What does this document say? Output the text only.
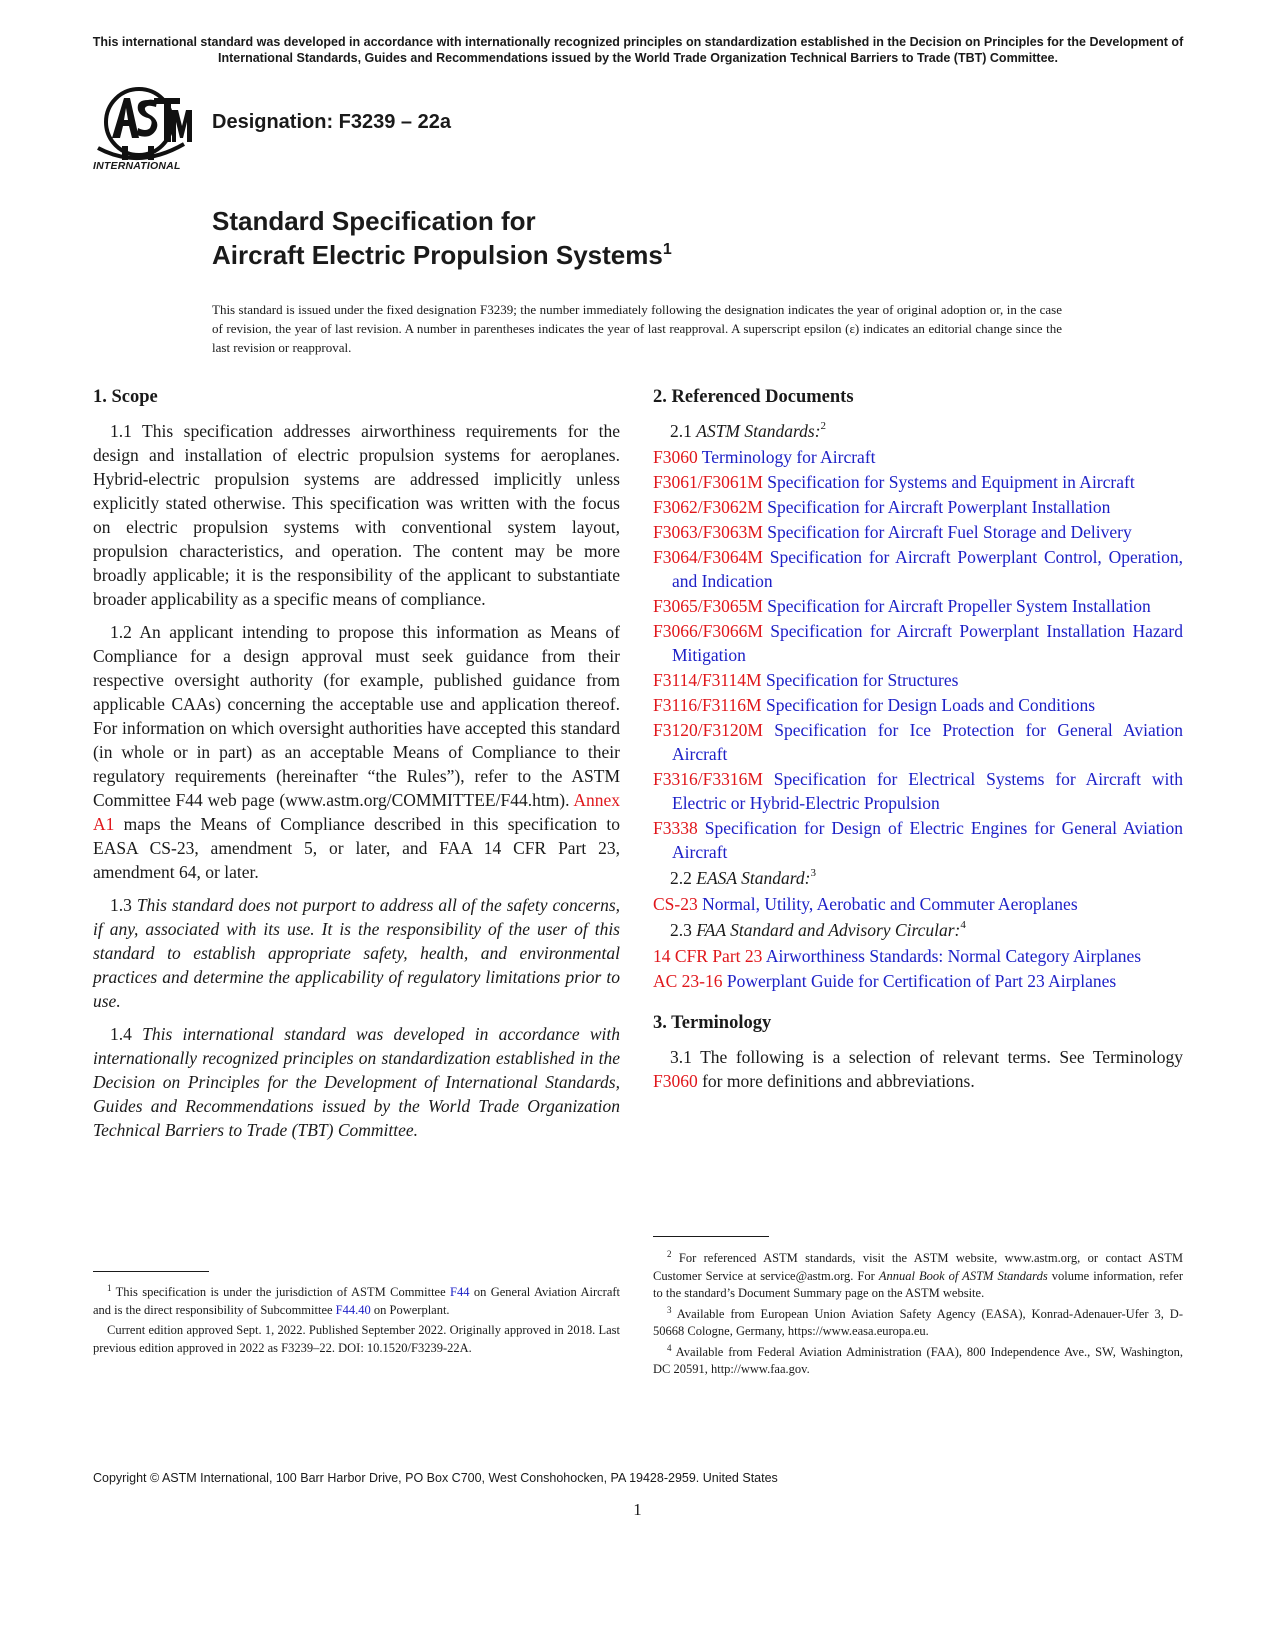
This international standard was developed in accordance with internationally recognized principles on standardization established in the Decision on Principles for the Development of International Standards, Guides and Recommendations issued by the World Trade Organization Technical Barriers to Trade (TBT) Committee.
INTERNATIONAL
Designation: F3239 – 22a
Standard Specification for
Aircraft Electric Propulsion Systems$^1$
This standard is issued under the fixed designation F3239; the number immediately following the designation indicates the year of original adoption or, in the case of revision, the year of last revision. A number in parentheses indicates the year of last reapproval. A superscript epsilon (ε) indicates an editorial change since the last revision or reapproval.
1. Scope

1.1 This specification addresses airworthiness requirements for the design and installation of electric propulsion systems for aeroplanes. Hybrid-electric propulsion systems are addressed implicitly unless explicitly stated otherwise. This specification was written with the focus on electric propulsion systems with conventional system layout, propulsion characteristics, and operation. The content may be more broadly applicable; it is the responsibility of the applicant to substantiate broader applicability as a specific means of compliance.

1.2 An applicant intending to propose this information as Means of Compliance for a design approval must seek guidance from their respective oversight authority (for example, published guidance from applicable CAAs) concerning the acceptable use and application thereof. For information on which oversight authorities have accepted this standard (in whole or in part) as an acceptable Means of Compliance to their regulatory requirements (hereinafter “the Rules”), refer to the ASTM Committee F44 web page (www.astm.org/COMMITTEE/F44.htm). Annex A1 maps the Means of Compliance described in this specification to EASA CS-23, amendment 5, or later, and FAA 14 CFR Part 23, amendment 64, or later.

1.3 This standard does not purport to address all of the safety concerns, if any, associated with its use. It is the responsibility of the user of this standard to establish appropriate safety, health, and environmental practices and determine the applicability of regulatory limitations prior to use.

1.4 This international standard was developed in accordance with internationally recognized principles on standardization established in the Decision on Principles for the Development of International Standards, Guides and Recommendations issued by the World Trade Organization Technical Barriers to Trade (TBT) Committee.

2. Referenced Documents

2.1 ASTM Standards:$^2$

F3060 Terminology for Aircraft

F3061/F3061M Specification for Systems and Equipment in Aircraft

F3062/F3062M Specification for Aircraft Powerplant Installation

F3063/F3063M Specification for Aircraft Fuel Storage and Delivery

F3064/F3064M Specification for Aircraft Powerplant Control, Operation, and Indication

F3065/F3065M Specification for Aircraft Propeller System Installation

F3066/F3066M Specification for Aircraft Powerplant Installation Hazard Mitigation

F3114/F3114M Specification for Structures

F3116/F3116M Specification for Design Loads and Conditions

F3120/F3120M Specification for Ice Protection for General Aviation Aircraft

F3316/F3316M Specification for Electrical Systems for Aircraft with Electric or Hybrid-Electric Propulsion

F3338 Specification for Design of Electric Engines for General Aviation Aircraft

2.2 EASA Standard:$^3$

CS-23 Normal, Utility, Aerobatic and Commuter Aeroplanes

2.3 FAA Standard and Advisory Circular:$^4$

14 CFR Part 23 Airworthiness Standards: Normal Category Airplanes

AC 23-16 Powerplant Guide for Certification of Part 23 Airplanes

3. Terminology

3.1 The following is a selection of relevant terms. See Terminology F3060 for more definitions and abbreviations.

$^1$ This specification is under the jurisdiction of ASTM Committee F44 on General Aviation Aircraft and is the direct responsibility of Subcommittee F44.40 on Powerplant.

Current edition approved Sept. 1, 2022. Published September 2022. Originally approved in 2018. Last previous edition approved in 2022 as F3239–22. DOI: 10.1520/F3239-22A.

$^2$ For referenced ASTM standards, visit the ASTM website, www.astm.org, or contact ASTM Customer Service at service@astm.org. For Annual Book of ASTM Standards volume information, refer to the standard’s Document Summary page on the ASTM website.

$^3$ Available from European Union Aviation Safety Agency (EASA), Konrad-Adenauer-Ufer 3, D-50668 Cologne, Germany, https://www.easa.europa.eu.

$^4$ Available from Federal Aviation Administration (FAA), 800 Independence Ave., SW, Washington, DC 20591, http://www.faa.gov.

Copyright © ASTM International, 100 Barr Harbor Drive, PO Box C700, West Conshohocken, PA 19428-2959. United States
1
